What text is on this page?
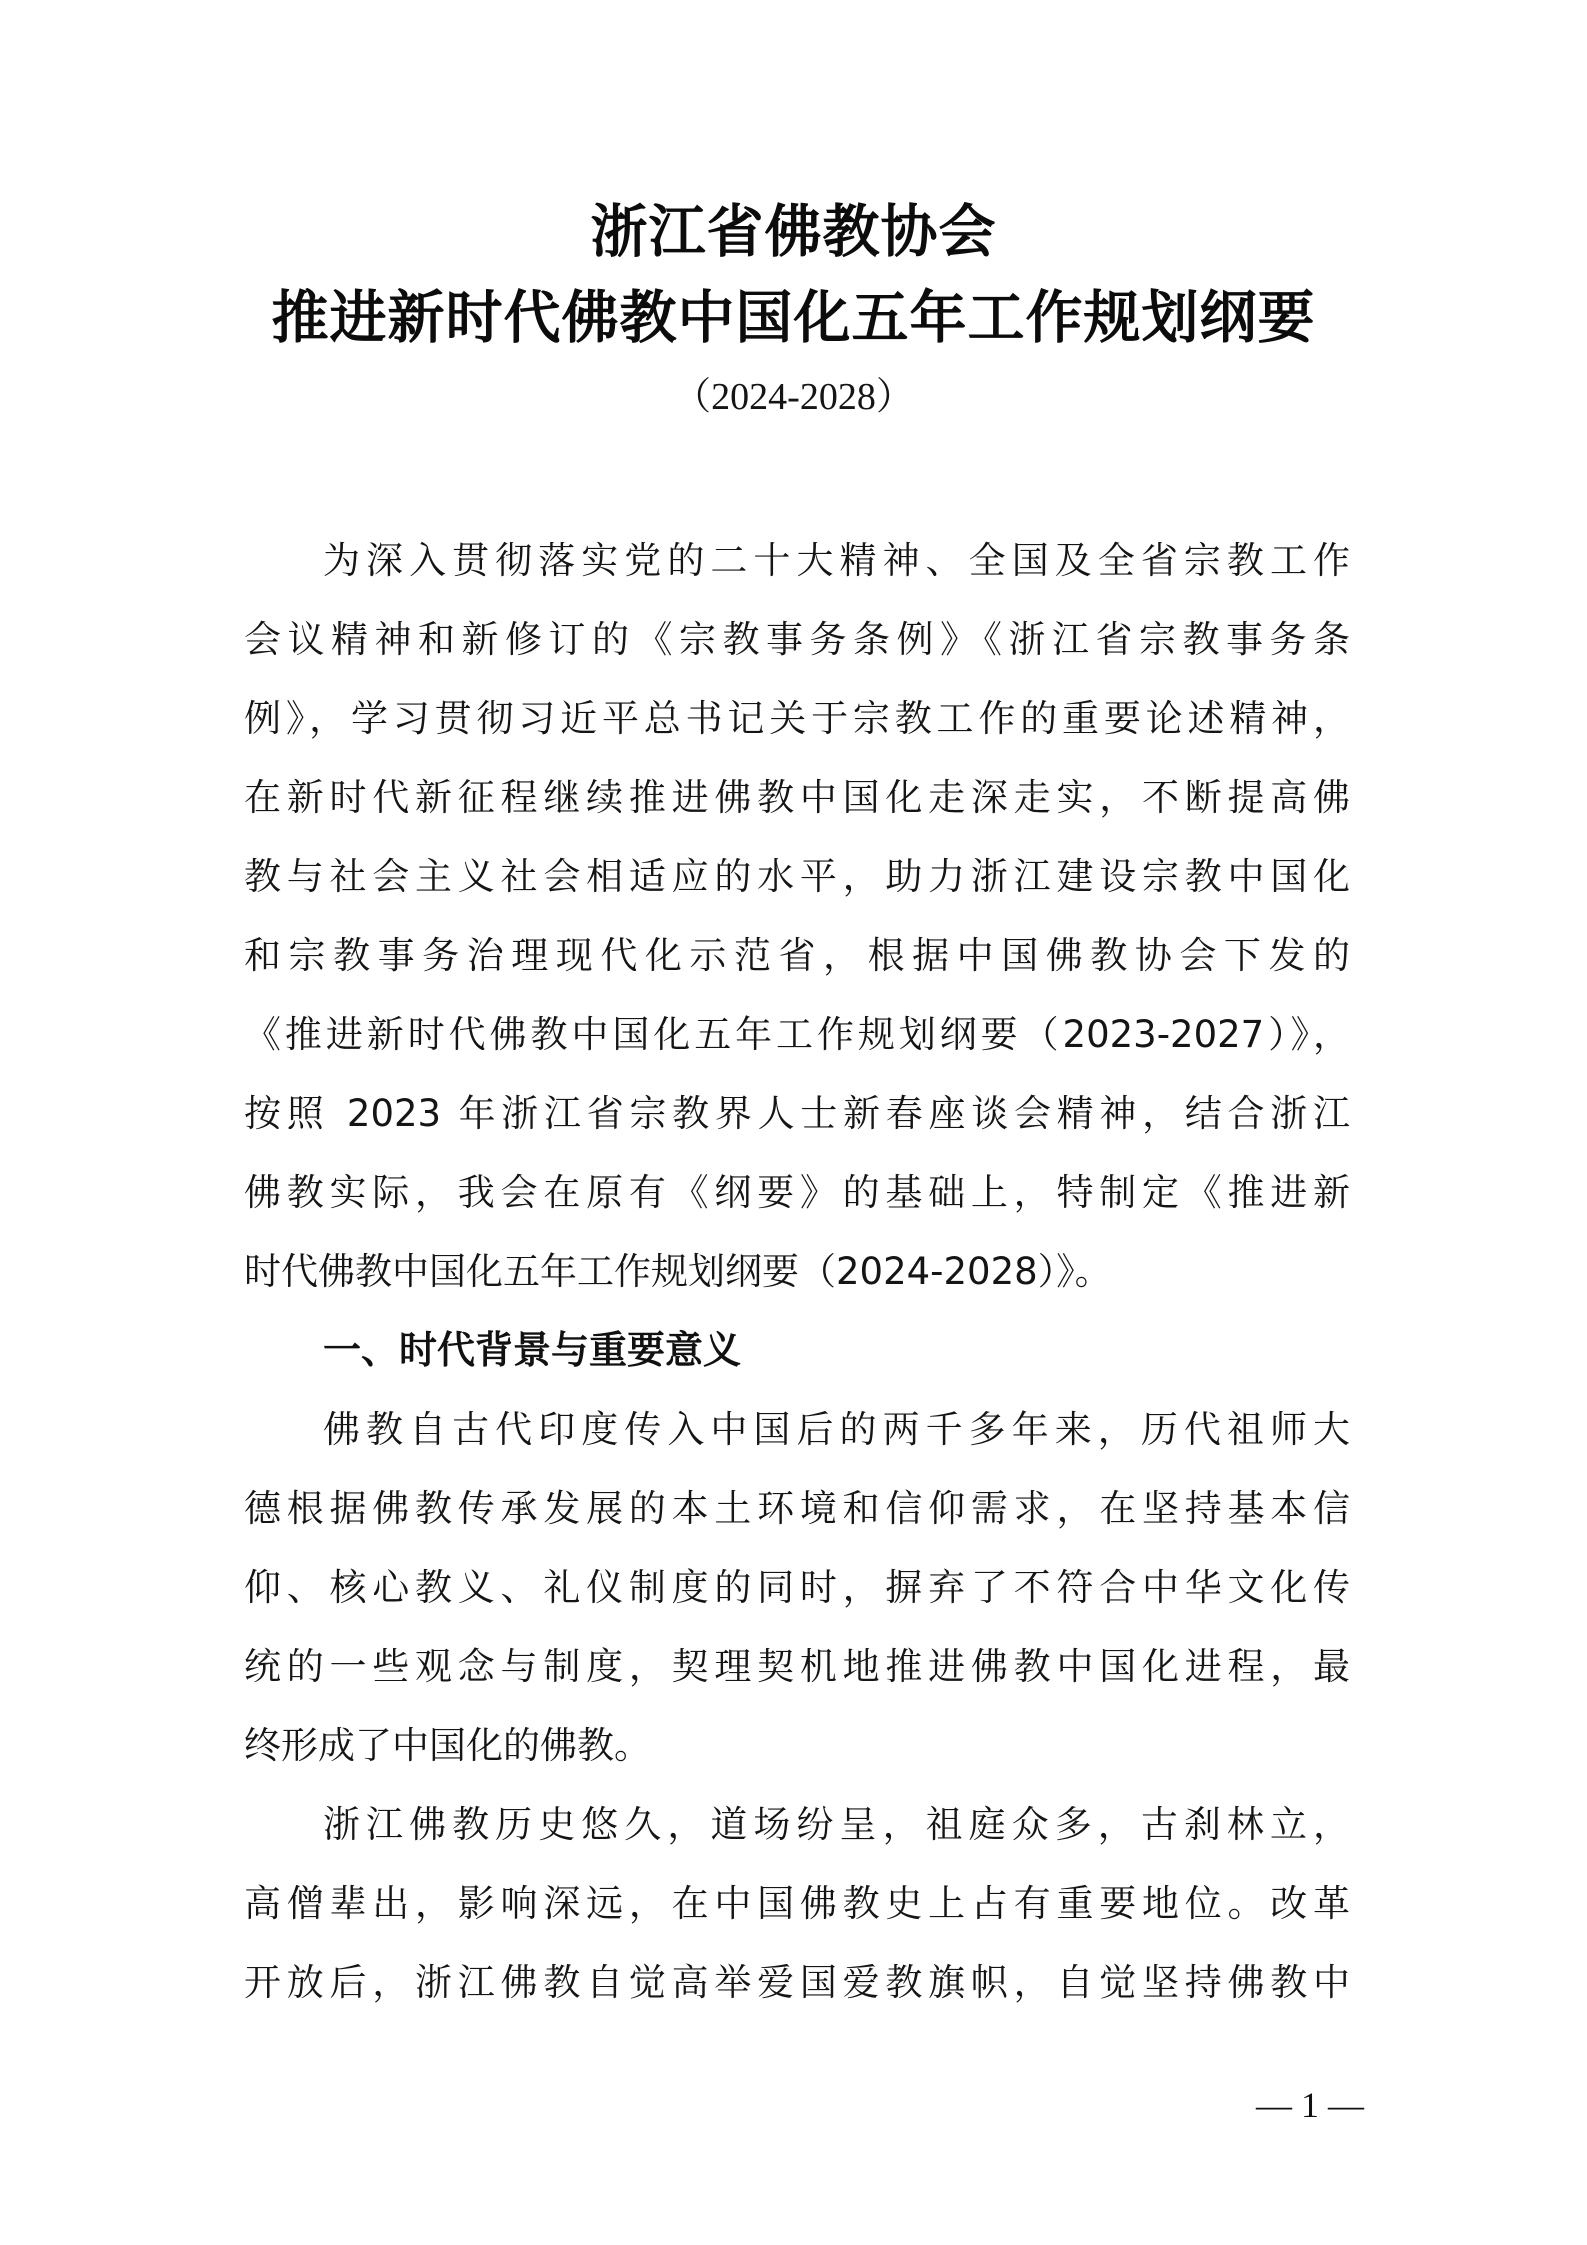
浙江省佛教协会
推进新时代佛教中国化五年工作规划纲要
（2024-2028）
为深入贯彻落实党的二十大精神、全国及全省宗教工作
会议精神和新修订的《宗教事务条例》《浙江省宗教事务条
例》，学习贯彻习近平总书记关于宗教工作的重要论述精神，
在新时代新征程继续推进佛教中国化走深走实，不断提高佛
教与社会主义社会相适应的水平，助力浙江建设宗教中国化
和宗教事务治理现代化示范省，根据中国佛教协会下发的
《推进新时代佛教中国化五年工作规划纲要（2023-2027）》，
按照 2023 年浙江省宗教界人士新春座谈会精神，结合浙江
佛教实际，我会在原有《纲要》的基础上，特制定《推进新
时代佛教中国化五年工作规划纲要（2024-2028）》。
一、时代背景与重要意义
佛教自古代印度传入中国后的两千多年来，历代祖师大
德根据佛教传承发展的本土环境和信仰需求，在坚持基本信
仰、核心教义、礼仪制度的同时，摒弃了不符合中华文化传
统的一些观念与制度，契理契机地推进佛教中国化进程，最
终形成了中国化的佛教。
浙江佛教历史悠久，道场纷呈，祖庭众多，古刹林立，
高僧辈出，影响深远，在中国佛教史上占有重要地位。改革
开放后，浙江佛教自觉高举爱国爱教旗帜，自觉坚持佛教中
— 1 —
